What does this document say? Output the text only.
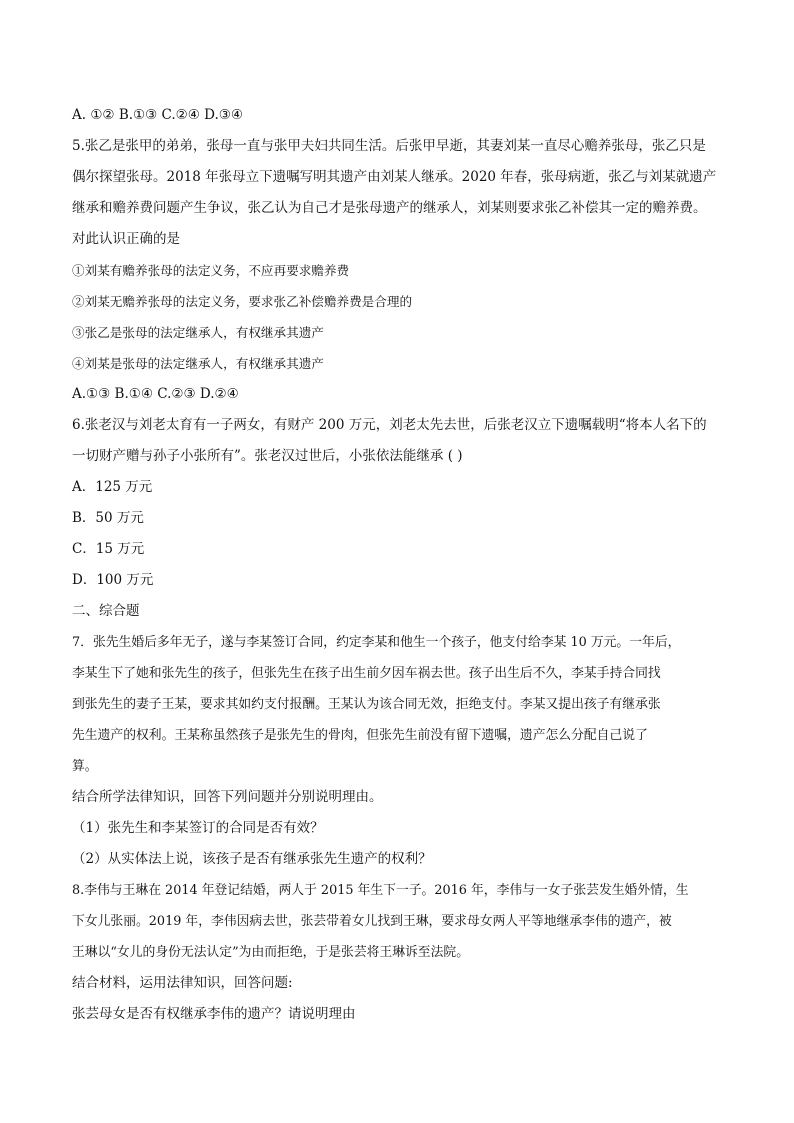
A. ①② B.①③ C.②④ D.③④
5.张乙是张甲的弟弟，张母一直与张甲夫妇共同生活。后张甲早逝，其妻刘某一直尽心赡养张母，张乙只是
偶尔探望张母。2018 年张母立下遗嘱写明其遗产由刘某人继承。2020 年春，张母病逝，张乙与刘某就遗产
继承和赡养费问题产生争议，张乙认为自己才是张母遗产的继承人，刘某则要求张乙补偿其一定的赡养费。
对此认识正确的是
①刘某有赡养张母的法定义务，不应再要求赡养费
②刘某无赡养张母的法定义务，要求张乙补偿赡养费是合理的
③张乙是张母的法定继承人，有权继承其遗产
④刘某是张母的法定继承人，有权继承其遗产
A.①③ B.①④ C.②③ D.②④
6.张老汉与刘老太育有一子两女，有财产 200 万元，刘老太先去世，后张老汉立下遗嘱载明“将本人名下的
一切财产赠与孙子小张所有”。张老汉过世后，小张依法能继承 ( )
A．125 万元
B．50 万元
C．15 万元
D．100 万元
二、综合题
7．张先生婚后多年无子，遂与李某签订合同，约定李某和他生一个孩子，他支付给李某 10 万元。一年后，
李某生下了她和张先生的孩子，但张先生在孩子出生前夕因车祸去世。孩子出生后不久，李某手持合同找
到张先生的妻子王某，要求其如约支付报酬。王某认为该合同无效，拒绝支付。李某又提出孩子有继承张
先生遗产的权利。王某称虽然孩子是张先生的骨肉，但张先生前没有留下遗嘱，遗产怎么分配自己说了
算。
结合所学法律知识，回答下列问题并分别说明理由。
（1）张先生和李某签订的合同是否有效？
（2）从实体法上说，该孩子是否有继承张先生遗产的权利？
8.李伟与王琳在 2014 年登记结婚，两人于 2015 年生下一子。2016 年，李伟与一女子张芸发生婚外情，生
下女儿张丽。2019 年，李伟因病去世，张芸带着女儿找到王琳，要求母女两人平等地继承李伟的遗产，被
王琳以“女儿的身份无法认定”为由而拒绝，于是张芸将王琳诉至法院。
结合材料，运用法律知识，回答问题:
张芸母女是否有权继承李伟的遗产？请说明理由
